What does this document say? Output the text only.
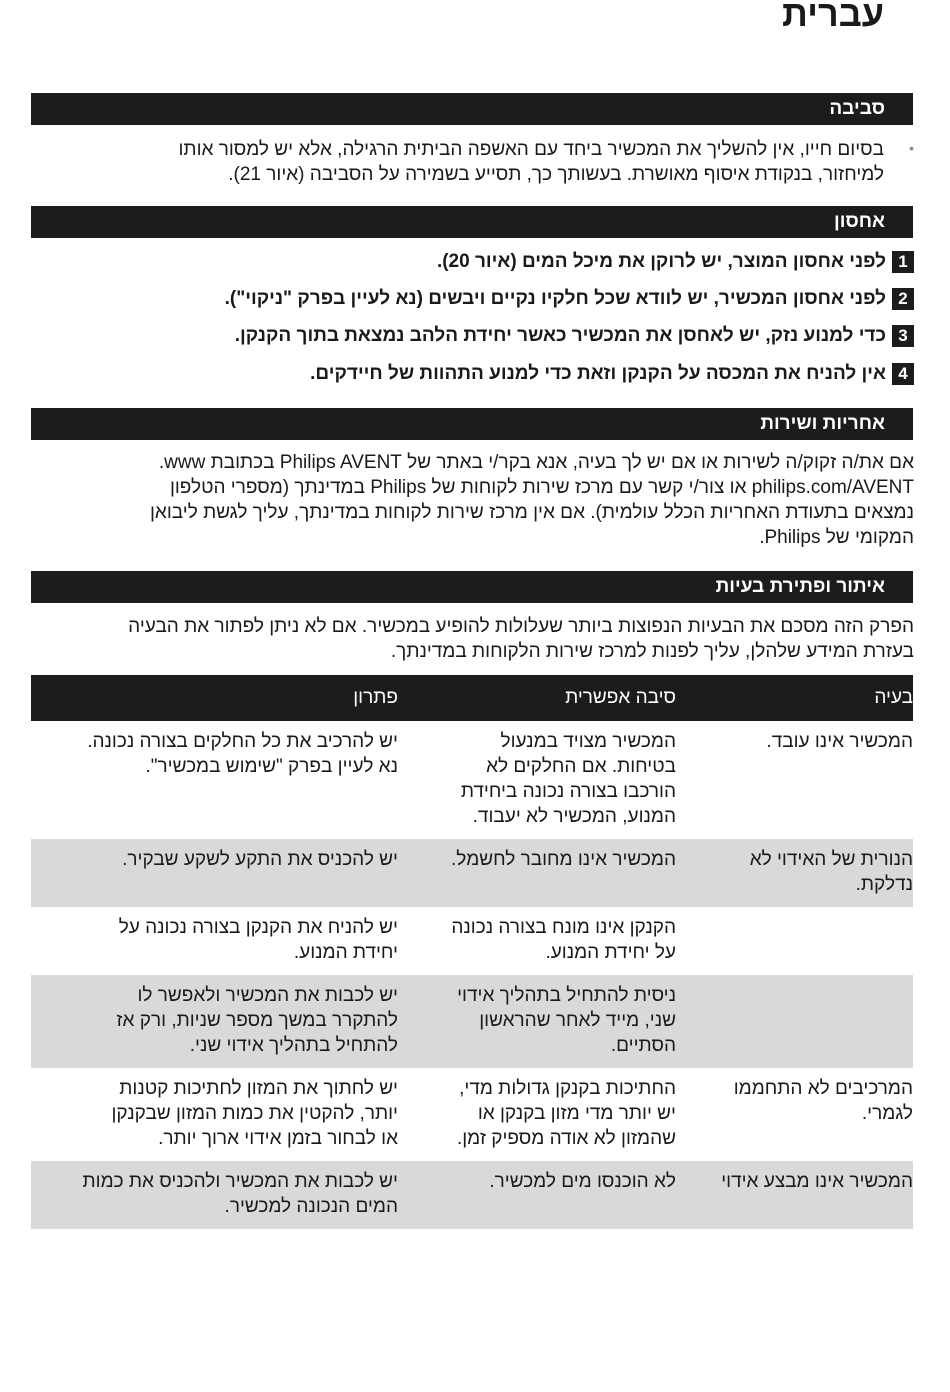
עברית
סביבה
•

בסיום חייו, אין להשליך את המכשיר ביחד עם האשפה הביתית הרגילה, אלא יש למסור אותו

למיחזור, בנקודת איסוף מאושרת. בעשותך כך, תסייע בשמירה על הסביבה (איור 21).

אחסון
1
לפני אחסון המוצר, יש לרוקן את מיכל המים (איור 20).
2
לפני אחסון המכשיר, יש לוודא שכל חלקיו נקיים ויבשים (נא לעיין בפרק "ניקוי").
3
כדי למנוע נזק, יש לאחסן את המכשיר כאשר יחידת הלהב נמצאת בתוך הקנקן.
4
אין להניח את המכסה על הקנקן וזאת כדי למנוע התהוות של חיידקים.
אחריות ושירות

אם את/ה זקוק/ה לשירות או אם יש לך בעיה, אנא בקר/י באתר של Philips AVENT בכתובת www.

philips.com/AVENT או צור/י קשר עם מרכז שירות לקוחות של Philips במדינתך (מספרי הטלפון

נמצאים בתעודת האחריות הכלל עולמית). אם אין מרכז שירות לקוחות במדינתך, עליך לגשת ליבואן

המקומי של Philips.

איתור ופתירת בעיות

הפרק הזה מסכם את הבעיות הנפוצות ביותר שעלולות להופיע במכשיר. אם לא ניתן לפתור את הבעיה

בעזרת המידע שלהלן, עליך לפנות למרכז שירות הלקוחות במדינתך.

בעיה	סיבה אפשרית	פתרון

המכשיר אינו עובד.	המכשיר מצויד במנעול
בטיחות. אם החלקים לא
הורכבו בצורה נכונה ביחידת
המנוע, המכשיר לא יעבוד.	יש להרכיב את כל החלקים בצורה נכונה.
נא לעיין בפרק "שימוש במכשיר".

הנורית של האידוי לא
נדלקת.	המכשיר אינו מחובר לחשמל.	יש להכניס את התקע לשקע שבקיר.

	הקנקן אינו מונח בצורה נכונה
על יחידת המנוע.	יש להניח את הקנקן בצורה נכונה על
יחידת המנוע.

	ניסית להתחיל בתהליך אידוי
שני, מייד לאחר שהראשון
הסתיים.	יש לכבות את המכשיר ולאפשר לו
להתקרר במשך מספר שניות, ורק אז
להתחיל בתהליך אידוי שני.

המרכיבים לא התחממו
לגמרי.	החתיכות בקנקן גדולות מדי,
יש יותר מדי מזון בקנקן או
שהמזון לא אודה מספיק זמן.	יש לחתוך את המזון לחתיכות קטנות
יותר, להקטין את כמות המזון שבקנקן
או לבחור בזמן אידוי ארוך יותר.

המכשיר אינו מבצע אידוי	לא הוכנסו מים למכשיר.	יש לכבות את המכשיר ולהכניס את כמות
המים הנכונה למכשיר.
